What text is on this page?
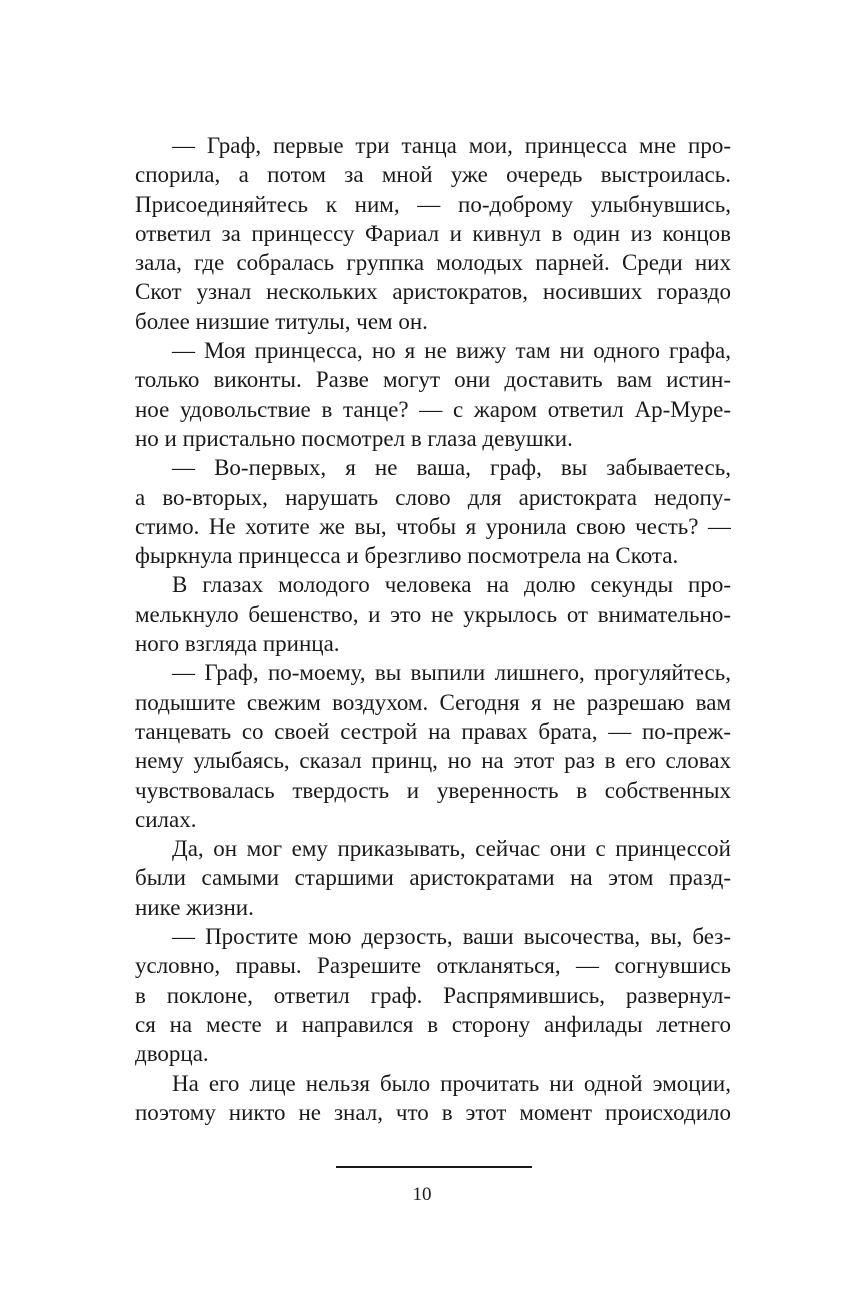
— Граф, первые три танца мои, принцесса мне про-
спорила, а потом за мной уже очередь выстроилась.
Присоединяйтесь к ним, — по-доброму улыбнувшись,
ответил за принцессу Фариал и кивнул в один из концов
зала, где собралась группка молодых парней. Среди них
Скот узнал нескольких аристократов, носивших гораздо
более низшие титулы, чем он.
— Моя принцесса, но я не вижу там ни одного графа,
только виконты. Разве могут они доставить вам истин-
ное удовольствие в танце? — с жаром ответил Ар-Муре-
но и пристально посмотрел в глаза девушки.
— Во-первых, я не ваша, граф, вы забываетесь,
а во-вторых, нарушать слово для аристократа недопу-
стимо. Не хотите же вы, чтобы я уронила свою честь? —
фыркнула принцесса и брезгливо посмотрела на Скота.
В глазах молодого человека на долю секунды про-
мелькнуло бешенство, и это не укрылось от внимательно-
ного взгляда принца.
— Граф, по-моему, вы выпили лишнего, прогуляйтесь,
подышите свежим воздухом. Сегодня я не разрешаю вам
танцевать со своей сестрой на правах брата, — по-преж-
нему улыбаясь, сказал принц, но на этот раз в его словах
чувствовалась твердость и уверенность в собственных
силах.
Да, он мог ему приказывать, сейчас они с принцессой
были самыми старшими аристократами на этом празд-
нике жизни.
— Простите мою дерзость, ваши высочества, вы, без-
условно, правы. Разрешите откланяться, — согнувшись
в поклоне, ответил граф. Распрямившись, развернул-
ся на месте и направился в сторону анфилады летнего
дворца.
На его лице нельзя было прочитать ни одной эмоции,
поэтому никто не знал, что в этот момент происходило
10
